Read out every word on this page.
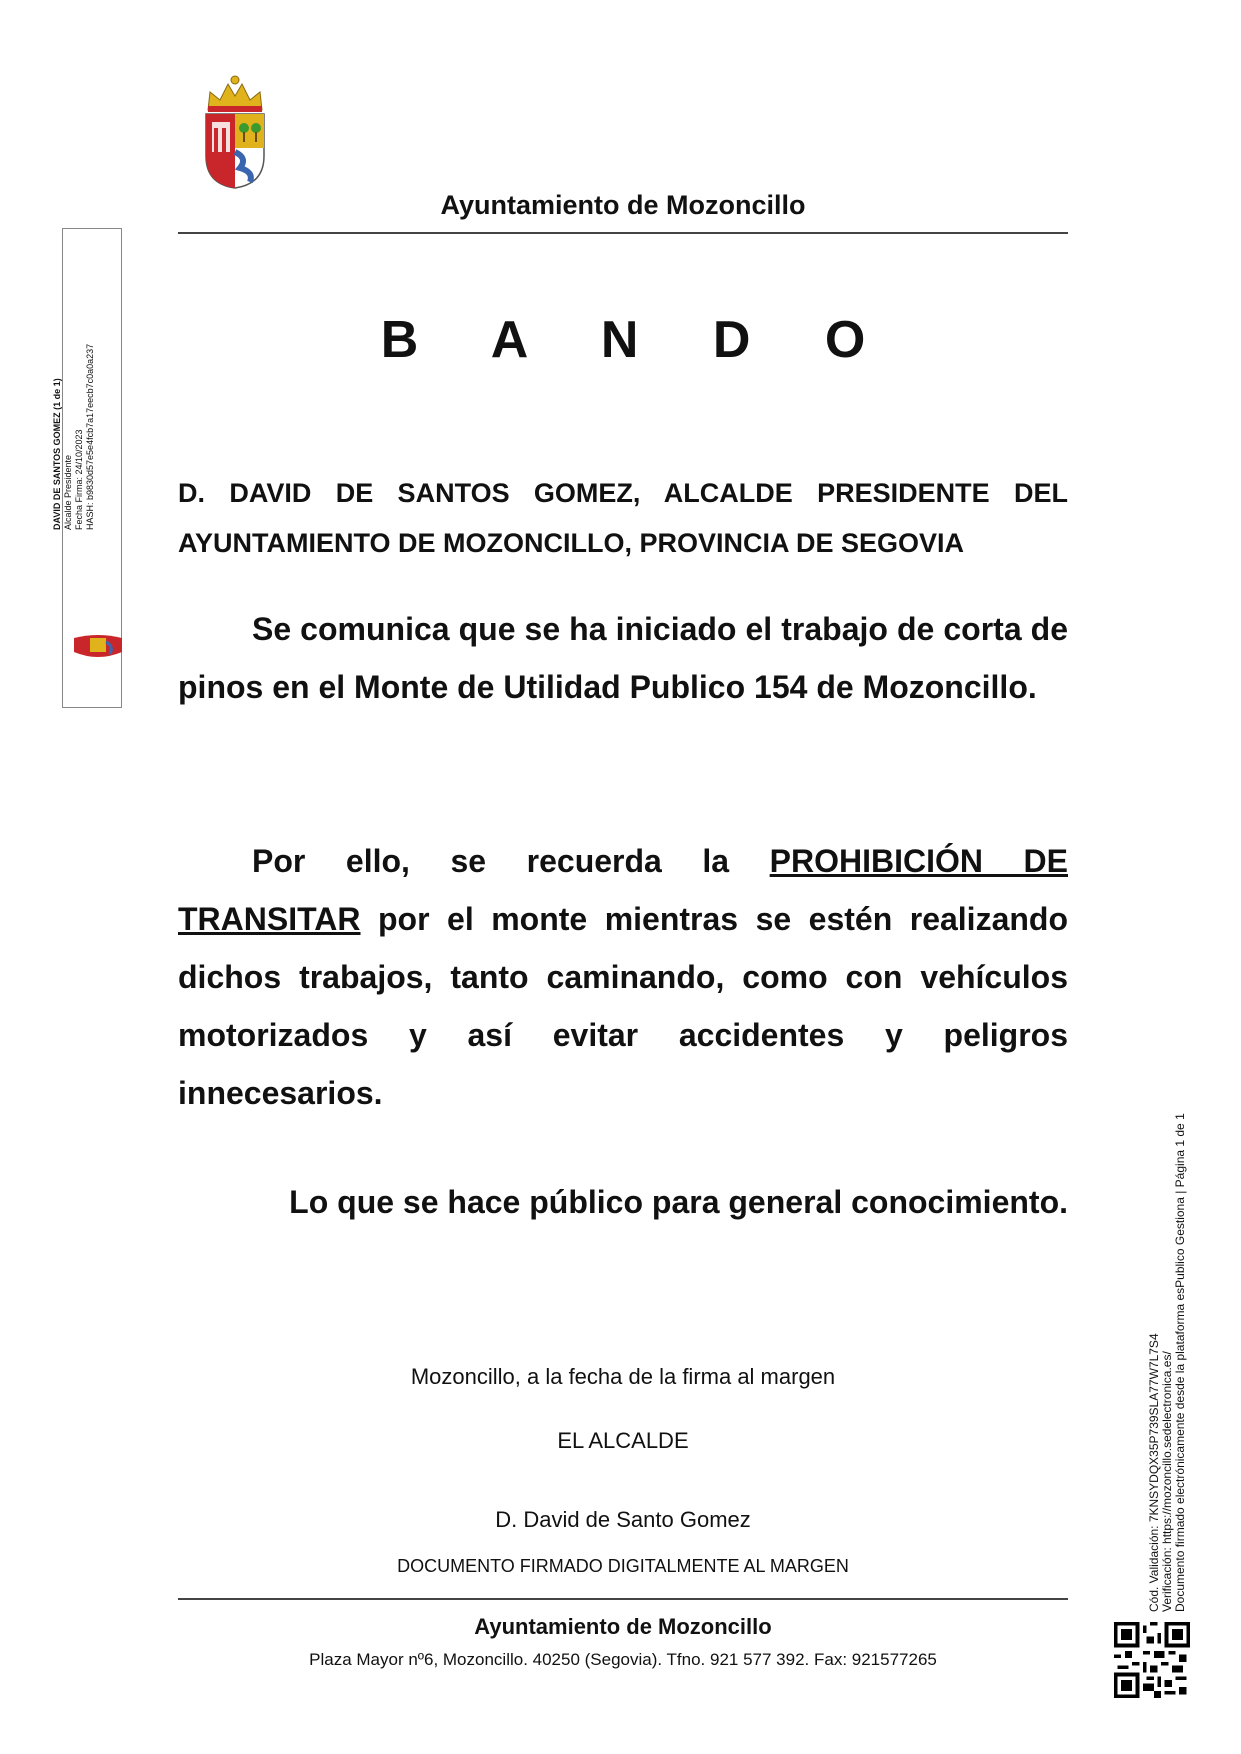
Ayuntamiento de Mozoncillo
DAVID DE SANTOS GOMEZ (1 de 1) Alcalde Presidente Fecha Firma: 24/10/2023 HASH: b9830d57e5e4fcb7a17eecb7c0a0a237
B A N D O
D. DAVID DE SANTOS GOMEZ, ALCALDE PRESIDENTE DEL AYUNTAMIENTO DE MOZONCILLO, PROVINCIA DE SEGOVIA
Se comunica que se ha iniciado el trabajo de corta de pinos en el Monte de Utilidad Publico 154 de Mozoncillo.
Por ello, se recuerda la PROHIBICIÓN DE TRANSITAR por el monte mientras se estén realizando dichos trabajos, tanto caminando, como con vehículos motorizados y así evitar accidentes y peligros innecesarios.
Lo que se hace público para general conocimiento.
Mozoncillo, a la fecha de la firma al margen
EL ALCALDE
D. David de Santo Gomez
DOCUMENTO FIRMADO DIGITALMENTE AL MARGEN
Ayuntamiento de Mozoncillo
Plaza Mayor nº6, Mozoncillo. 40250 (Segovia). Tfno. 921 577 392. Fax: 921577265
Cód. Validación: 7KNSYDQX35P739SLA77W7L7S4 Verificación: https://mozoncillo.sedelectronica.es/ Documento firmado electrónicamente desde la plataforma esPublico Gestiona | Página 1 de 1
